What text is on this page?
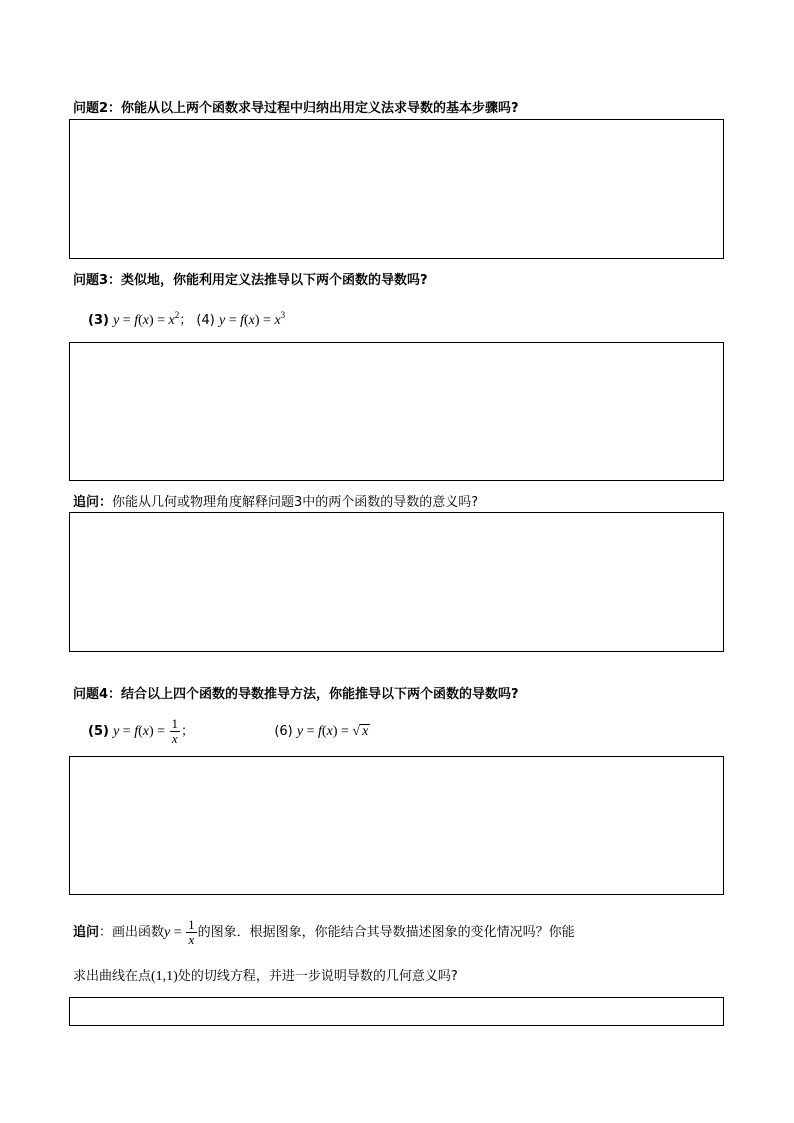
问题2：你能从以上两个函数求导过程中归纳出用定义法求导数的基本步骤吗?
问题3：类似地，你能利用定义法推导以下两个函数的导数吗?
(3) $y = f(x) = x^2$； (4) $y = f(x) = x^3$
追问：你能从几何或物理角度解释问题3中的两个函数的导数的意义吗?
问题4：结合以上四个函数的导数推导方法，你能推导以下两个函数的导数吗?
(5) $y = f(x) = \frac{1}{x}$ ；	(6) y = f(x) = √ x
追问：画出函数$y = \frac{1}{x}$ 的图象．根据图象，你能结合其导数描述图象的变化情况吗？你能
求出曲线在点(1,1)处的切线方程，并进一步说明导数的几何意义吗?
